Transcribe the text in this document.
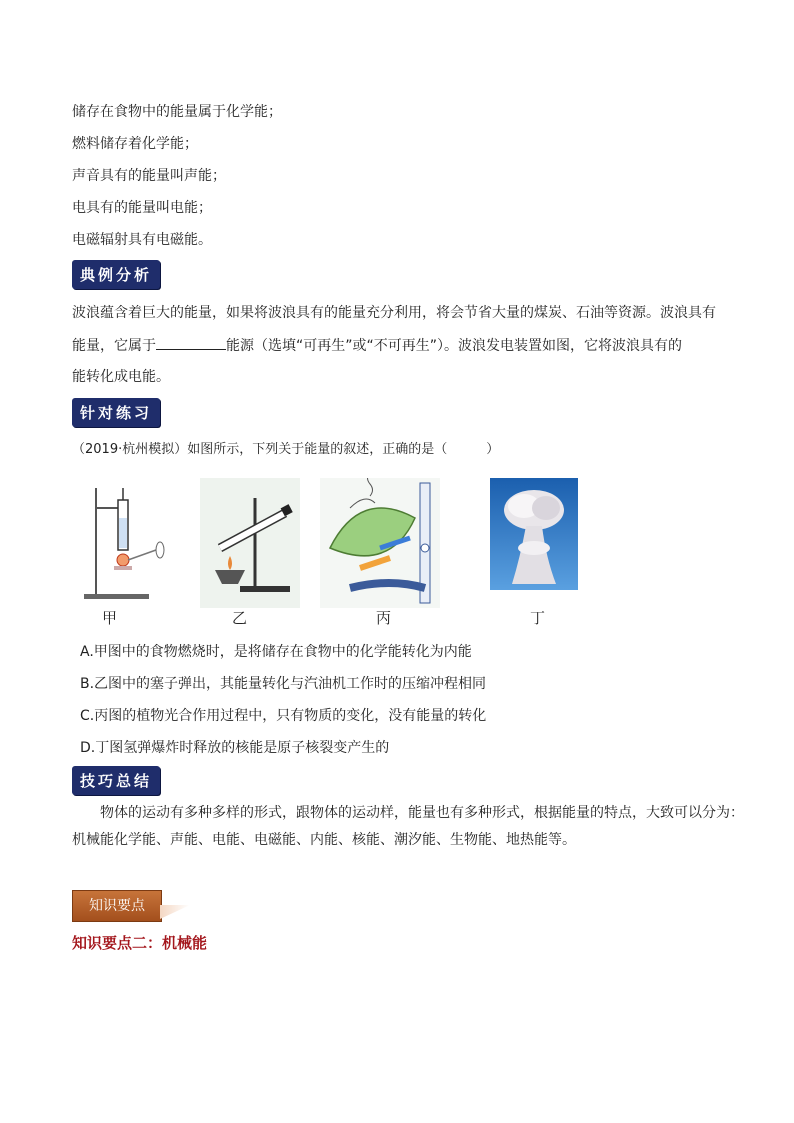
储存在食物中的能量属于化学能；
燃料储存着化学能；
声音具有的能量叫声能；
电具有的能量叫电能；
电磁辐射具有电磁能。
典例分析
波浪蕴含着巨大的能量，如果将波浪具有的能量充分利用，将会节省大量的煤炭、石油等资源。波浪具有
能量，它属于	能源（选填“可再生”或“不可再生”）。波浪发电装置如图，它将波浪具有的
能转化成电能。
针对练习
（2019·杭州模拟）如图所示，下列关于能量的叙述，正确的是（　　　）
甲	乙	丙	丁
A.甲图中的食物燃烧时，是将储存在食物中的化学能转化为内能
B.乙图中的塞子弹出，其能量转化与汽油机工作时的压缩冲程相同
C.丙图的植物光合作用过程中，只有物质的变化，没有能量的转化
D.丁图氢弹爆炸时释放的核能是原子核裂变产生的
技巧总结
物体的运动有多种多样的形式，跟物体的运动样，能量也有多种形式，根据能量的特点，大致可以分为：
机械能化学能、声能、电能、电磁能、内能、核能、潮汐能、生物能、地热能等。
知识要点
知识要点二：机械能
